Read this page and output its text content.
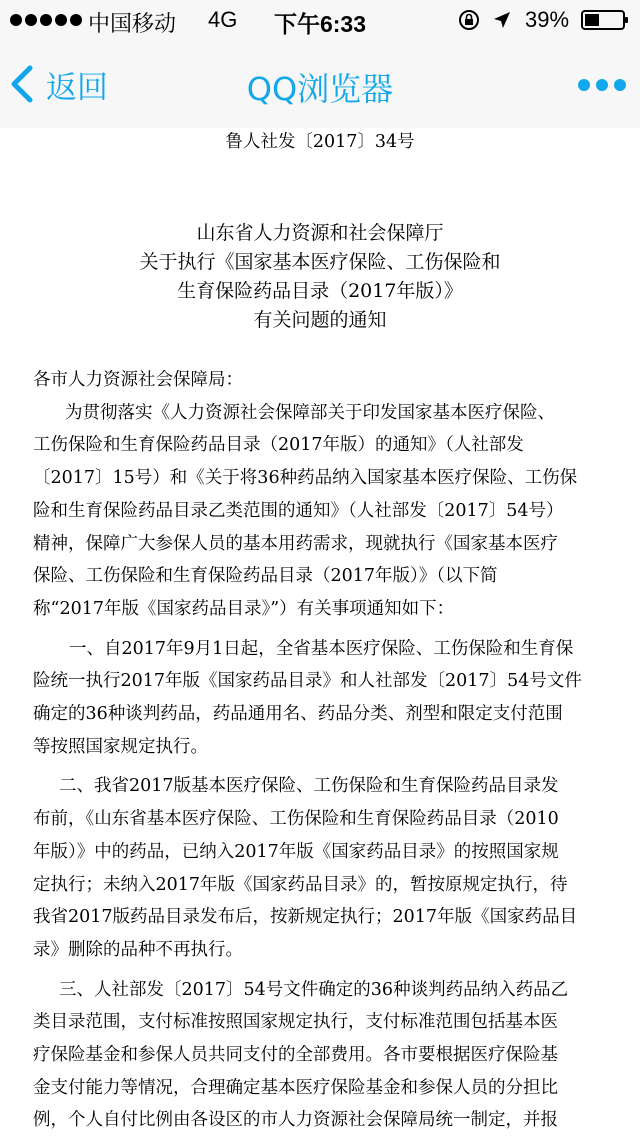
中国移动 4G	下午6:33	39%
返回	QQ浏览器
鲁人社发〔2017〕34号
山东省人力资源和社会保障厅
关于执行《国家基本医疗保险、工伤保险和
生育保险药品目录（2017年版）》
有关问题的通知

各市人力资源社会保障局：

为贯彻落实《人力资源社会保障部关于印发国家基本医疗保险、

工伤保险和生育保险药品目录（2017年版）的通知》（人社部发

〔2017〕15号）和《关于将36种药品纳入国家基本医疗保险、工伤保

险和生育保险药品目录乙类范围的通知》（人社部发〔2017〕54号）

精神，保障广大参保人员的基本用药需求，现就执行《国家基本医疗

保险、工伤保险和生育保险药品目录（2017年版）》（以下简

称“2017年版《国家药品目录》”）有关事项通知如下：

一、自2017年9月1日起，全省基本医疗保险、工伤保险和生育保

险统一执行2017年版《国家药品目录》和人社部发〔2017〕54号文件

确定的36种谈判药品，药品通用名、药品分类、剂型和限定支付范围

等按照国家规定执行。

二、我省2017版基本医疗保险、工伤保险和生育保险药品目录发

布前，《山东省基本医疗保险、工伤保险和生育保险药品目录（2010

年版）》中的药品，已纳入2017年版《国家药品目录》的按照国家规

定执行；未纳入2017年版《国家药品目录》的，暂按原规定执行，待

我省2017版药品目录发布后，按新规定执行；2017年版《国家药品目

录》删除的品种不再执行。

三、人社部发〔2017〕54号文件确定的36种谈判药品纳入药品乙

类目录范围，支付标准按照国家规定执行，支付标准范围包括基本医

疗保险基金和参保人员共同支付的全部费用。各市要根据医疗保险基

金支付能力等情况，合理确定基本医疗保险基金和参保人员的分担比

例，个人自付比例由各设区的市人力资源社会保障局统一制定，并报
